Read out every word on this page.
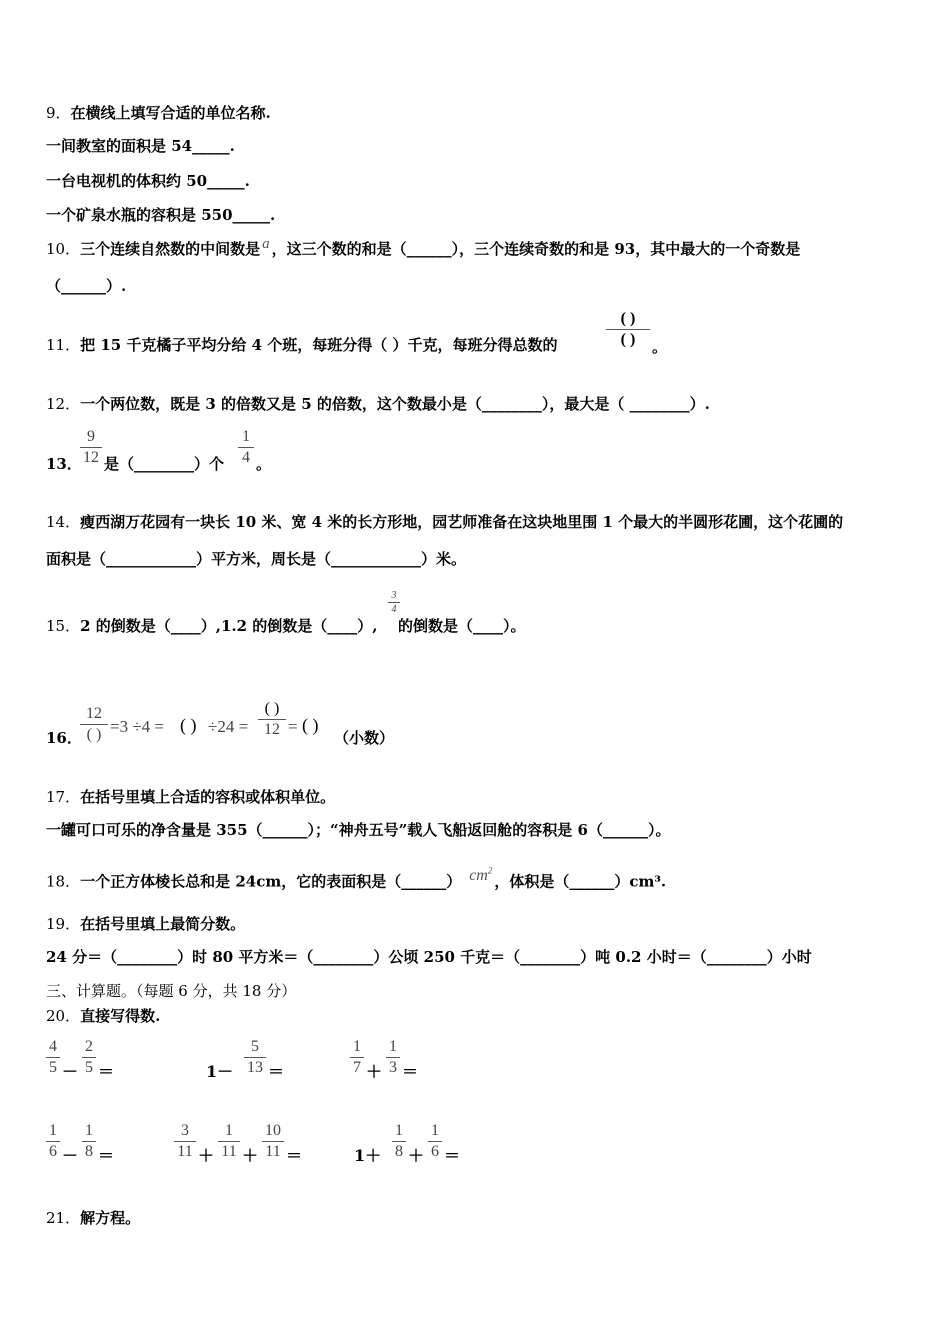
9．在横线上填写合适的单位名称.
一间教室的面积是 54_____.
一台电视机的体积约 50_____.
一个矿泉水瓶的容积是 550_____.
10．三个连续自然数的中间数是 a ，这三个数的和是（______），三个连续奇数的和是 93，其中最大的一个奇数是
（______）.
11．把 15 千克橘子平均分给 4 个班，每班分得（ ）千克，每班分得总数的
( )
( )	。
12．一个两位数，既是 3 的倍数又是 5 的倍数，这个数最小是（________），最大是（ ________）.
13．
9
12 是（________）个
1
4 。
14．瘦西湖万花园有一块长 10 米、宽 4 米的长方形地，园艺师准备在这块地里围 1 个最大的半圆形花圃，这个花圃的
面积是（____________）平方米，周长是（____________）米。
15．2 的倒数是（____）,1.2 的倒数是（____）,
3
4
的倒数是（____）。
16．
12
( ) =3 ÷4 = ( ) ÷24 =
( )
12 = ( )
（小数）
17．在括号里填上合适的容积或体积单位。
一罐可口可乐的净含量是 355（______）；“神舟五号”载人飞船返回舱的容积是 6（______）。
18．一个正方体棱长总和是 24cm，它的表面积是（______） $cm^2$，体积是（______）cm³.
19．在括号里填上最简分数。
24 分＝（________）时 80 平方米＝（________）公顷 250 千克＝（________）吨 0.2 小时＝（________）小时
三、计算题。（每题 6 分，共 18 分）
20．直接写得数.
4
5 －
2
5 ＝	1－
5
13 ＝
1
7 ＋
1
3 ＝
1
6 －
1
8 ＝
3
11 ＋
1
11 ＋
10
11 ＝	1＋
1
8 ＋
1
6 ＝
21．解方程。
